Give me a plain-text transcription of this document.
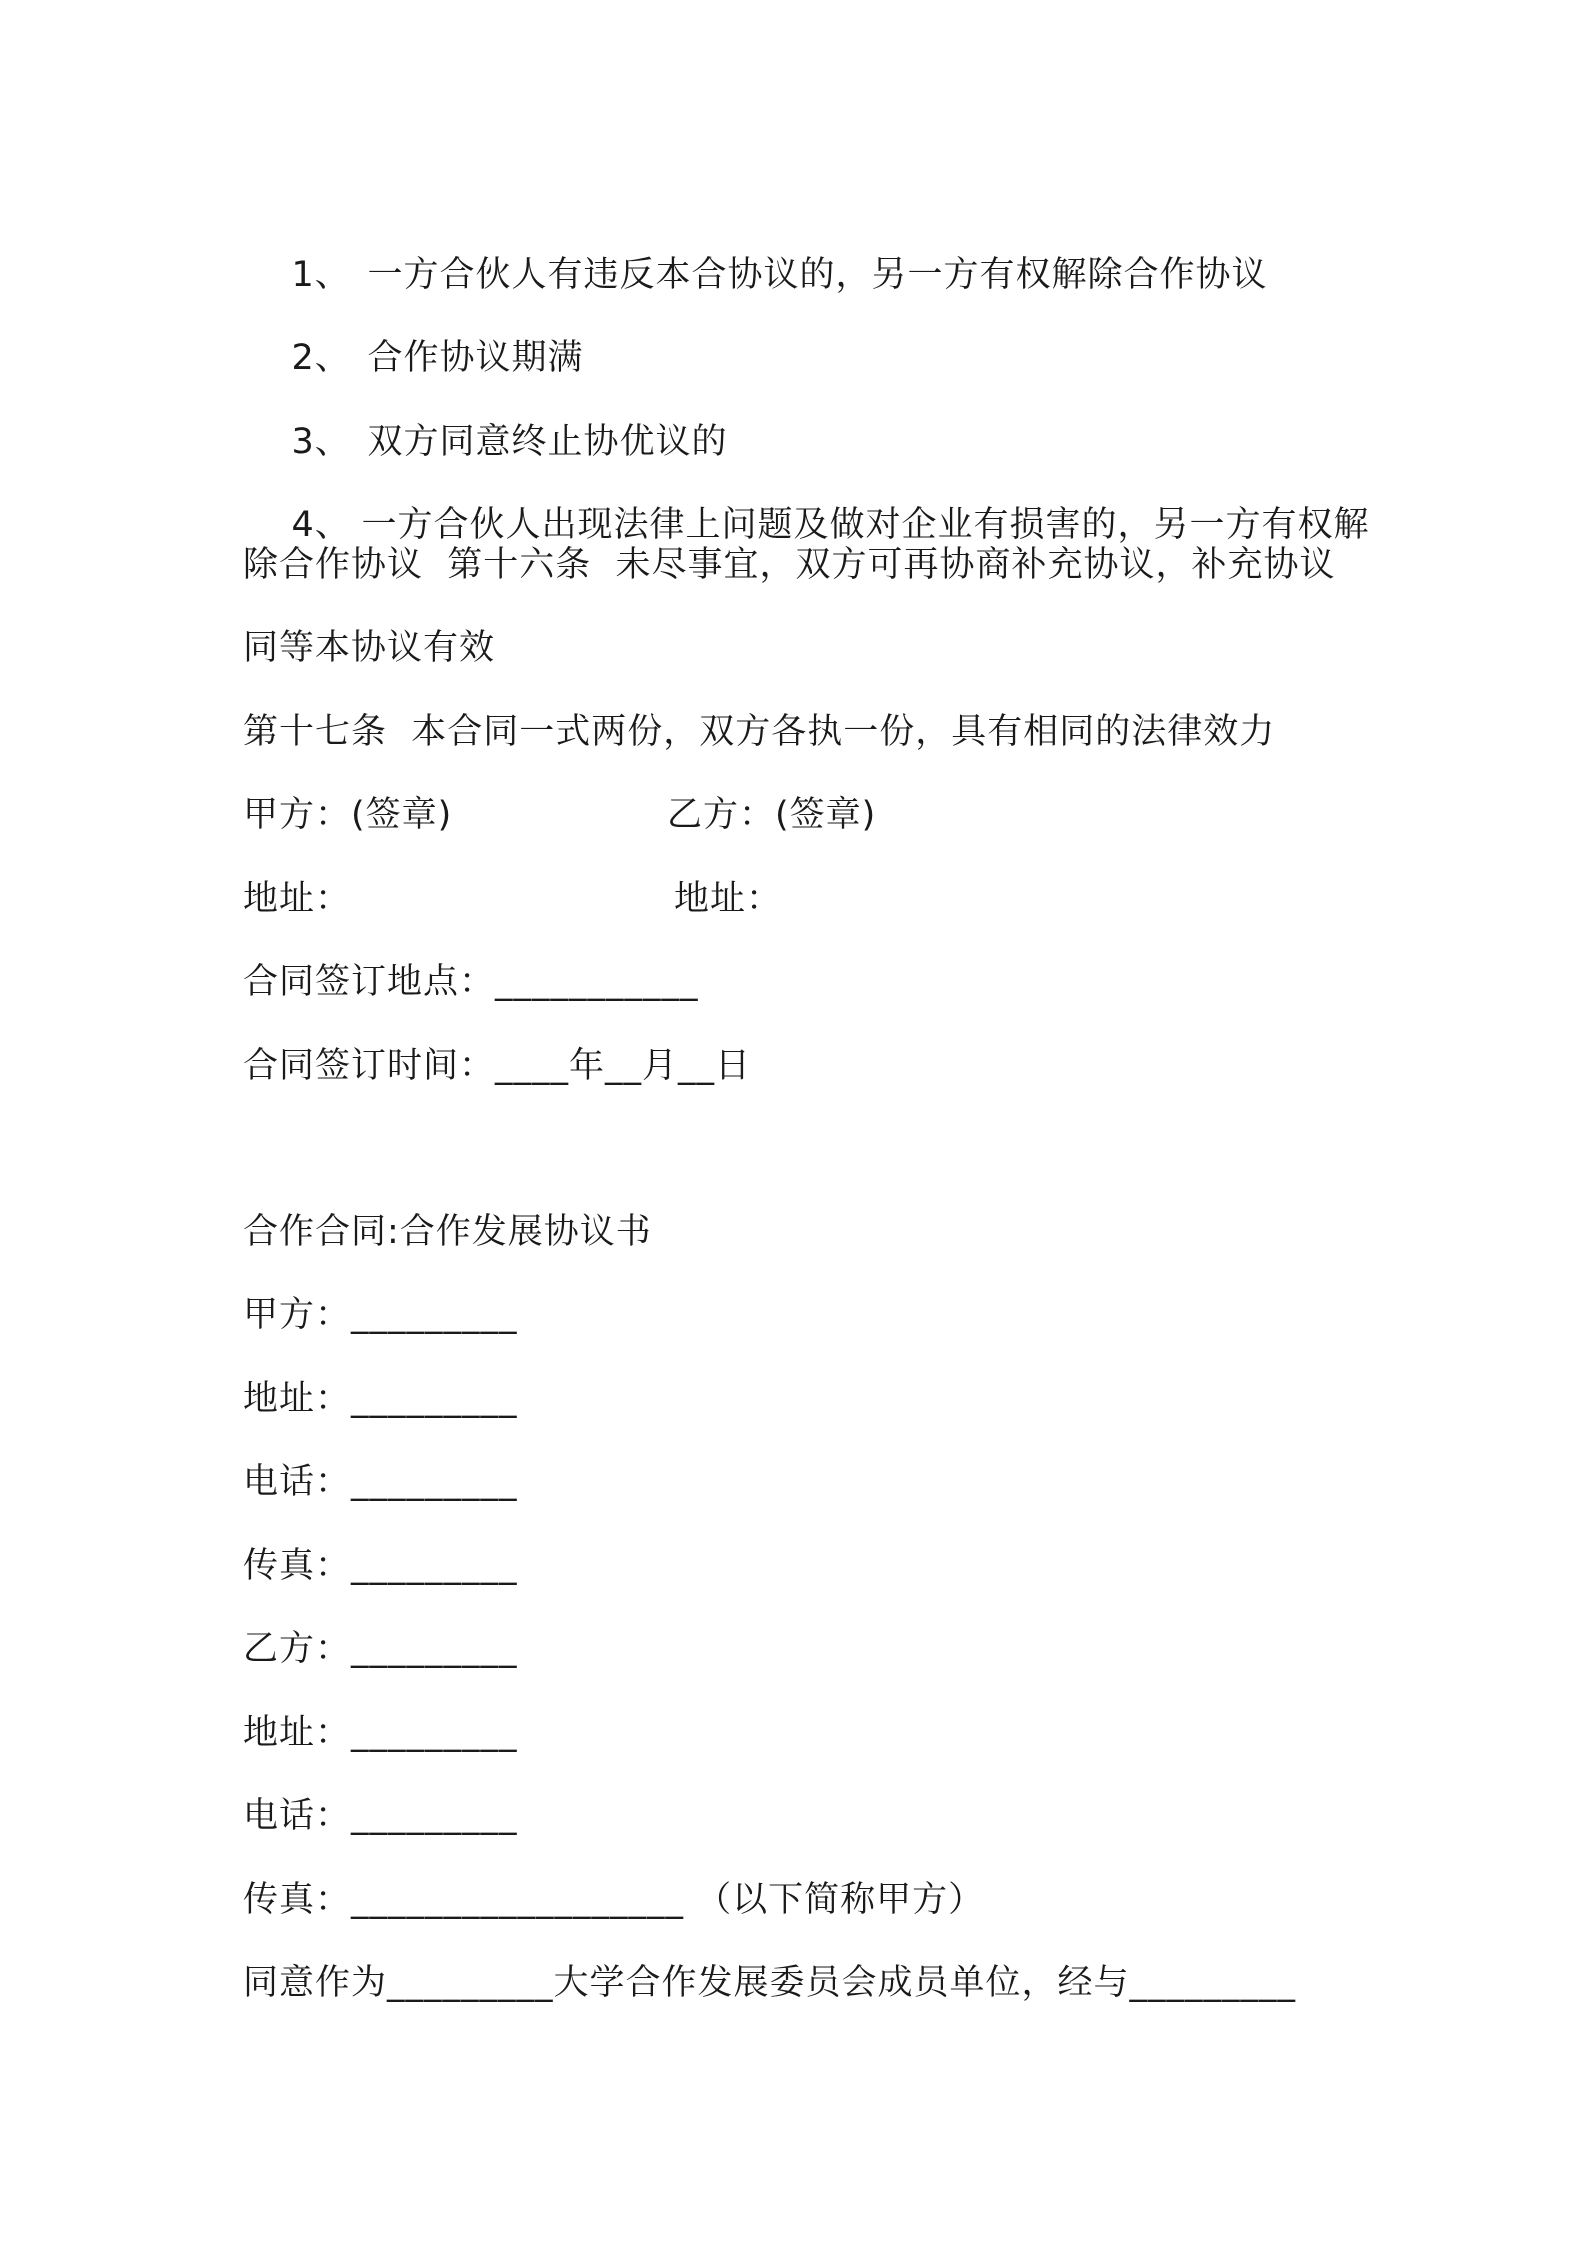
1、 一方合伙人有违反本合协议的，另一方有权解除合作协议

2、 合作协议期满

3、 双方同意终止协优议的

4、 一方合伙人出现法律上问题及做对企业有损害的，另一方有权解

除合作协议  第十六条  未尽事宜，双方可再协商补充协议，补充协议
同等本协议有效
第十七条  本合同一式两份，双方各执一份，具有相同的法律效力
甲方：(签章)	乙方：(签章)
地址：	地址：
合同签订地点：___________
合同签订时间：____年__月__日
合作合同:合作发展协议书
甲方：_________
地址：_________
电话：_________
传真：_________
乙方：_________
地址：_________
电话：_________
传真：__________________ （以下简称甲方）
同意作为_________大学合作发展委员会成员单位，经与_________
